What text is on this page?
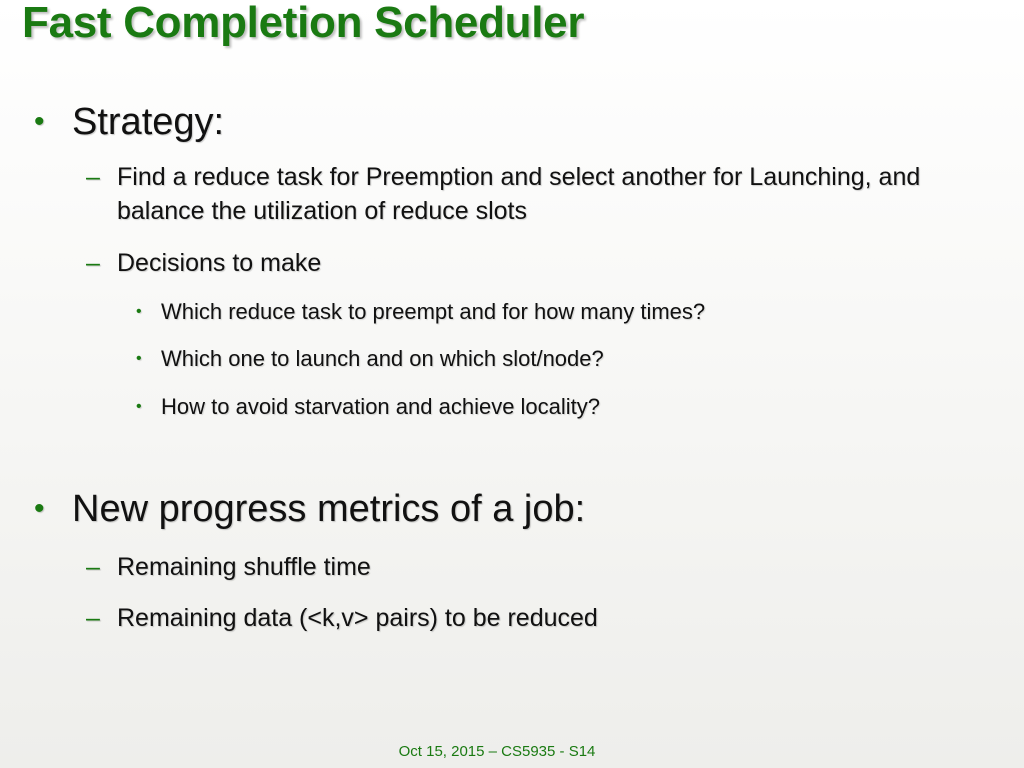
Fast Completion Scheduler
• Strategy:
– Find a reduce task for Preemption and select another for Launching, and balance the utilization of reduce slots
– Decisions to make
• Which reduce task to preempt and for how many times?
• Which one to launch and on which slot/node?
• How to avoid starvation and achieve locality?
• New progress metrics of a job:
– Remaining shuffle time
– Remaining data (<k,v> pairs) to be reduced
Oct 15, 2015 – CS5935 - S14
